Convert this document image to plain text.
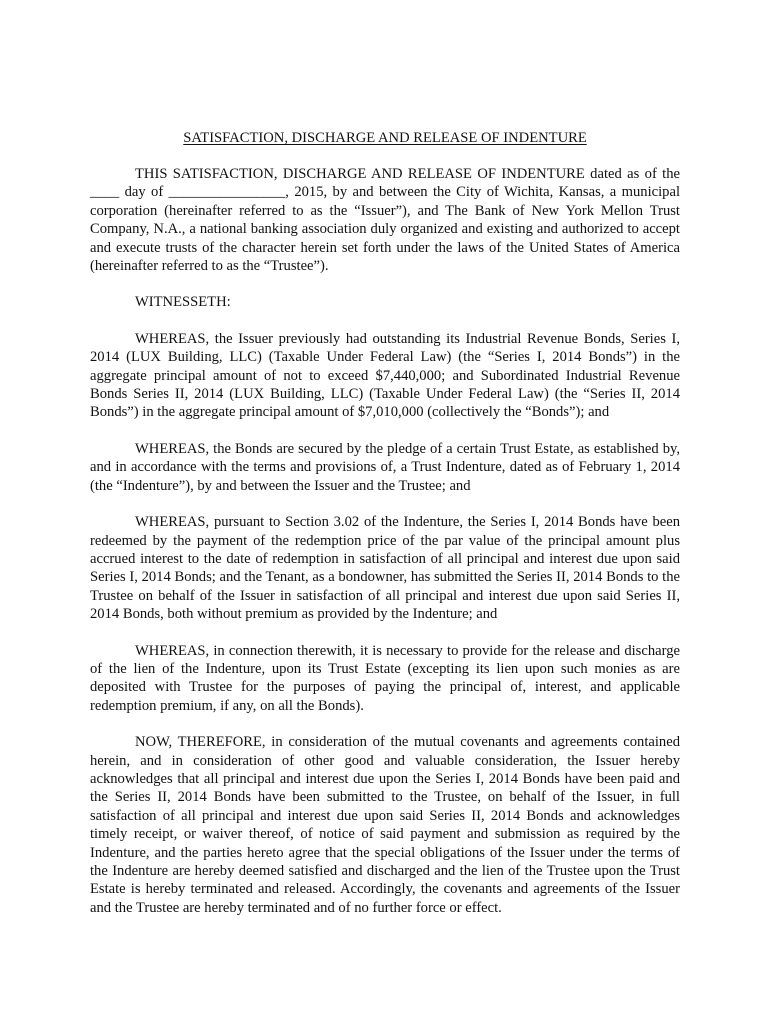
SATISFACTION, DISCHARGE AND RELEASE OF INDENTURE

THIS SATISFACTION, DISCHARGE AND RELEASE OF INDENTURE dated as of the ____ day of ________________, 2015, by and between the City of Wichita, Kansas, a municipal corporation (hereinafter referred to as the “Issuer”), and The Bank of New York Mellon Trust Company, N.A., a national banking association duly organized and existing and authorized to accept and execute trusts of the character herein set forth under the laws of the United States of America (hereinafter referred to as the “Trustee”).

WITNESSETH:

WHEREAS, the Issuer previously had outstanding its Industrial Revenue Bonds, Series I, 2014 (LUX Building, LLC) (Taxable Under Federal Law) (the “Series I, 2014 Bonds”) in the aggregate principal amount of not to exceed $7,440,000; and Subordinated Industrial Revenue Bonds Series II, 2014 (LUX Building, LLC) (Taxable Under Federal Law) (the “Series II, 2014 Bonds”) in the aggregate principal amount of $7,010,000 (collectively the “Bonds”); and

WHEREAS, the Bonds are secured by the pledge of a certain Trust Estate, as established by, and in accordance with the terms and provisions of, a Trust Indenture, dated as of February 1, 2014 (the “Indenture”), by and between the Issuer and the Trustee; and

WHEREAS, pursuant to Section 3.02 of the Indenture, the Series I, 2014 Bonds have been redeemed by the payment of the redemption price of the par value of the principal amount plus accrued interest to the date of redemption in satisfaction of all principal and interest due upon said Series I, 2014 Bonds; and the Tenant, as a bondowner, has submitted the Series II, 2014 Bonds to the Trustee on behalf of the Issuer in satisfaction of all principal and interest due upon said Series II, 2014 Bonds, both without premium as provided by the Indenture; and

WHEREAS, in connection therewith, it is necessary to provide for the release and discharge of the lien of the Indenture, upon its Trust Estate (excepting its lien upon such monies as are deposited with Trustee for the purposes of paying the principal of, interest, and applicable redemption premium, if any, on all the Bonds).

NOW, THEREFORE, in consideration of the mutual covenants and agreements contained herein, and in consideration of other good and valuable consideration, the Issuer hereby acknowledges that all principal and interest due upon the Series I, 2014 Bonds have been paid and the Series II, 2014 Bonds have been submitted to the Trustee, on behalf of the Issuer, in full satisfaction of all principal and interest due upon said Series II, 2014 Bonds and acknowledges timely receipt, or waiver thereof, of notice of said payment and submission as required by the Indenture, and the parties hereto agree that the special obligations of the Issuer under the terms of the Indenture are hereby deemed satisfied and discharged and the lien of the Trustee upon the Trust Estate is hereby terminated and released. Accordingly, the covenants and agreements of the Issuer and the Trustee are hereby terminated and of no further force or effect.
